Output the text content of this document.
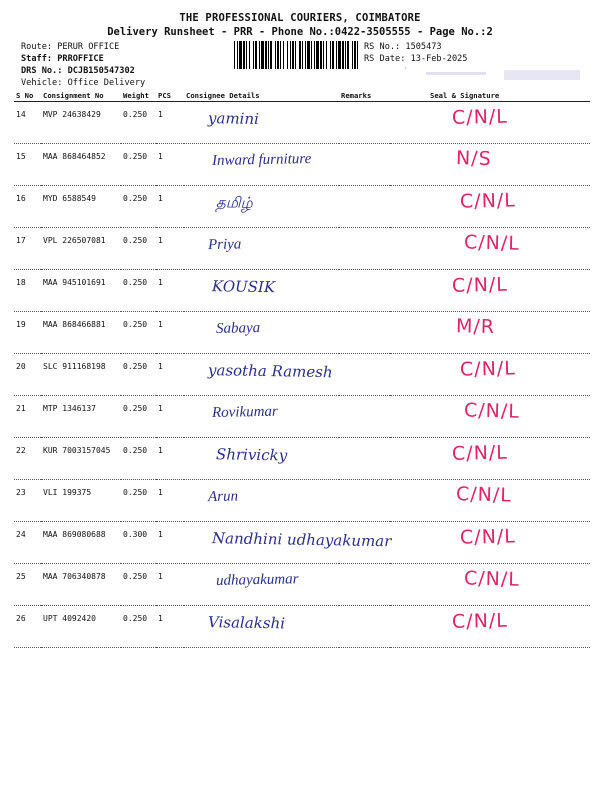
THE PROFESSIONAL COURIERS, COIMBATORE
Delivery Runsheet - PRR - Phone No.:0422-3505555 - Page No.:2
Route: PERUR OFFICE
Staff: PRROFFICE
DRS No.: DCJB150547302
Vehicle: Office Delivery
RS No.: 1505473
RS Date: 13-Feb-2025
'
S No	Consignment No	Weight	PCS	Consignee Details	Remarks	Seal & Signature
14	MVP 24638429	0.250	1	yamini		C/N/L

15	MAA 868464852	0.250	1	Inward furniture		N/S

16	MYD 6588549	0.250	1	தமிழ்		C/N/L

17	VPL 226507081	0.250	1	Priya		C/N/L

18	MAA 945101691	0.250	1	KOUSIK		C/N/L

19	MAA 868466881	0.250	1	Sabaya		M/R

20	SLC 911168198	0.250	1	yasotha Ramesh		C/N/L

21	MTP 1346137	0.250	1	Rovikumar		C/N/L

22	KUR 7003157045	0.250	1	Shrivicky		C/N/L

23	VLI 199375	0.250	1	Arun		C/N/L

24	MAA 869080688	0.300	1	Nandhini udhayakumar		C/N/L

25	MAA 706340878	0.250	1	udhayakumar		C/N/L

26	UPT 4092420	0.250	1	Visalakshi		C/N/L
